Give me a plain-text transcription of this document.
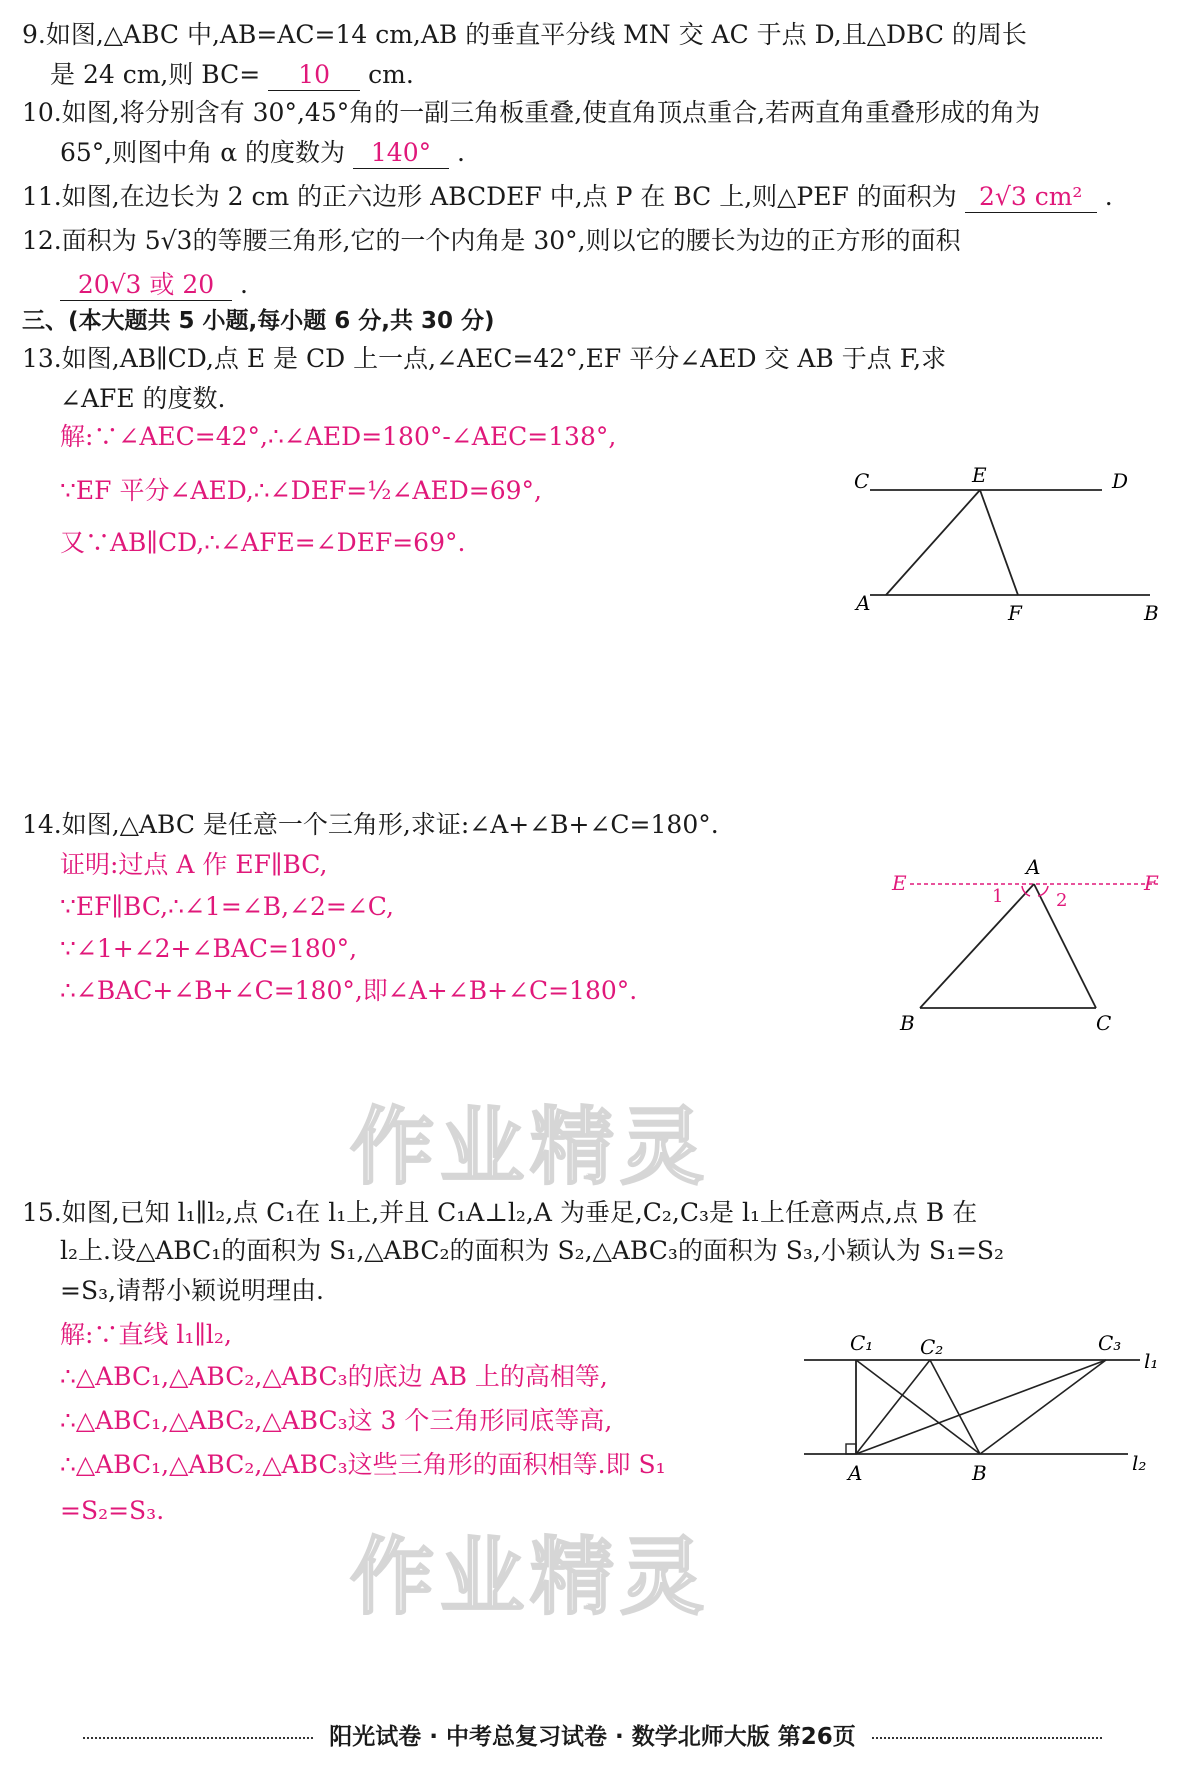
9.如图,△ABC 中,AB=AC=14 cm,AB 的垂直平分线 MN 交 AC 于点 D,且△DBC 的周长
是 24 cm,则 BC= 10 cm.
10.如图,将分别含有 30°,45°角的一副三角板重叠,使直角顶点重合,若两直角重叠形成的角为
65°,则图中角 α 的度数为 140° .
11.如图,在边长为 2 cm 的正六边形 ABCDEF 中,点 P 在 BC 上,则△PEF 的面积为 2√3 cm² .
12.面积为 5√3的等腰三角形,它的一个内角是 30°,则以它的腰长为边的正方形的面积
20√3 或 20 .
三、(本大题共 5 小题,每小题 6 分,共 30 分)
13.如图,AB∥CD,点 E 是 CD 上一点,∠AEC=42°,EF 平分∠AED 交 AB 于点 F,求
∠AFE 的度数.
解:∵∠AEC=42°,∴∠AED=180°-∠AEC=138°,
∵EF 平分∠AED,∴∠DEF=½∠AED=69°,
又∵AB∥CD,∴∠AFE=∠DEF=69°.
C	E	D
A	F	B
14.如图,△ABC 是任意一个三角形,求证:∠A+∠B+∠C=180°.
证明:过点 A 作 EF∥BC,
∵EF∥BC,∴∠1=∠B,∠2=∠C,
∵∠1+∠2+∠BAC=180°,
∴∠BAC+∠B+∠C=180°,即∠A+∠B+∠C=180°.
E
A
F
1	2
B	C
作业精灵
作业精灵
15.如图,已知 l₁∥l₂,点 C₁在 l₁上,并且 C₁A⊥l₂,A 为垂足,C₂,C₃是 l₁上任意两点,点 B 在
l₂上.设△ABC₁的面积为 S₁,△ABC₂的面积为 S₂,△ABC₃的面积为 S₃,小颖认为 S₁=S₂
=S₃,请帮小颖说明理由.
解:∵直线 l₁∥l₂,
∴△ABC₁,△ABC₂,△ABC₃的底边 AB 上的高相等,
∴△ABC₁,△ABC₂,△ABC₃这 3 个三角形同底等高,
∴△ABC₁,△ABC₂,△ABC₃这些三角形的面积相等.即 S₁
=S₂=S₃.
C₁ C₂	C₃
l₁
A	B	l₂
阳光试卷 · 中考总复习试卷 · 数学北师大版 第26页
